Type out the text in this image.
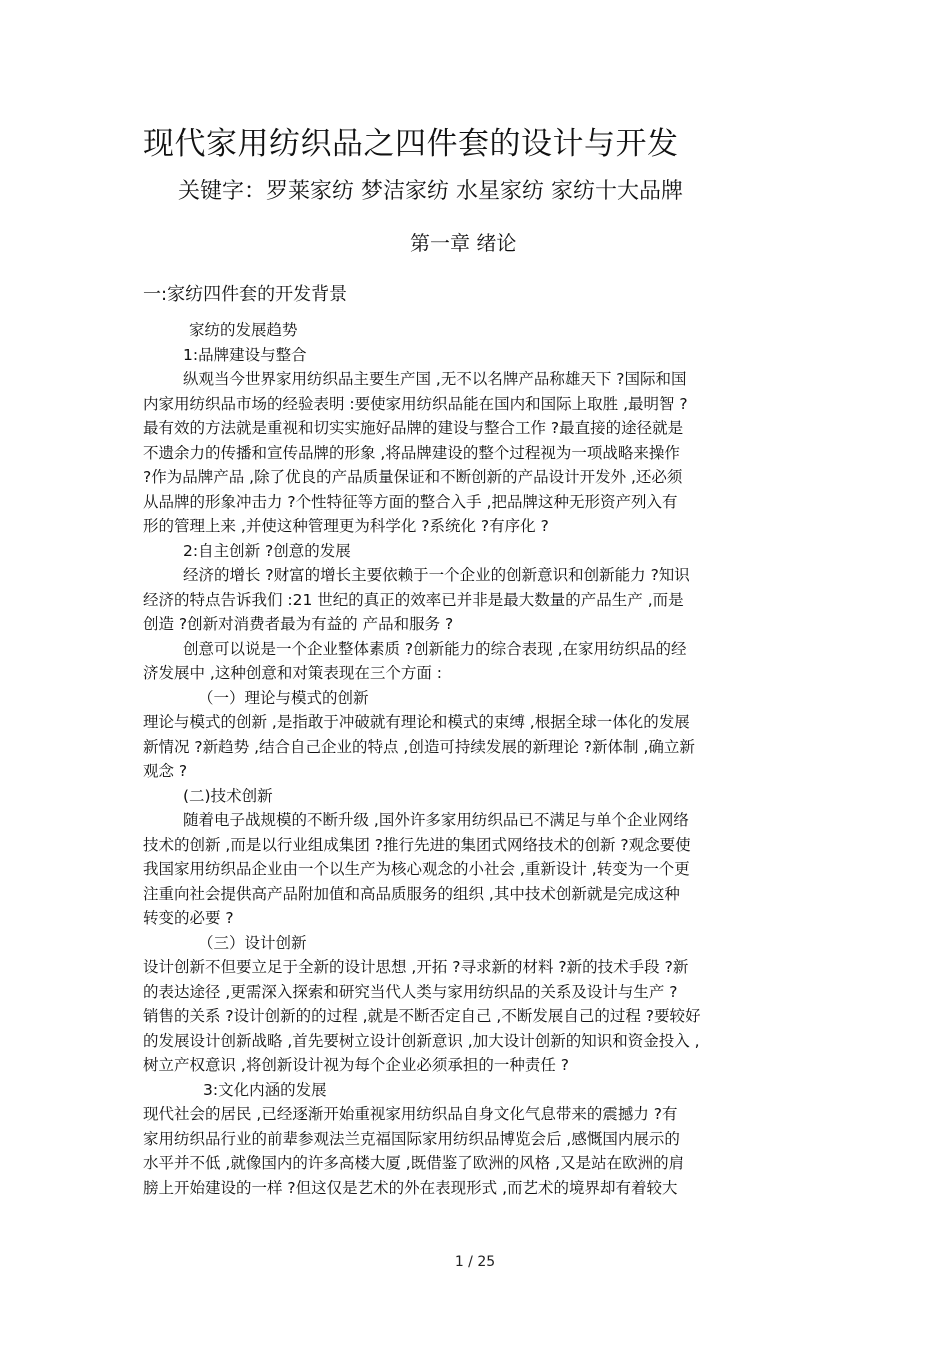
现代家用纺织品之四件套的设计与开发
关键字：罗莱家纺 梦洁家纺 水星家纺 家纺十大品牌
第一章 绪论
一:家纺四件套的开发背景
家纺的发展趋势
1:品牌建设与整合
纵观当今世界家用纺织品主要生产国 ,无不以名牌产品称雄天下 ?国际和国
内家用纺织品市场的经验表明 :要使家用纺织品能在国内和国际上取胜 ,最明智 ?
最有效的方法就是重视和切实实施好品牌的建设与整合工作 ?最直接的途径就是
不遗余力的传播和宣传品牌的形象 ,将品牌建设的整个过程视为一项战略来操作
?作为品牌产品 ,除了优良的产品质量保证和不断创新的产品设计开发外 ,还必须
从品牌的形象冲击力 ?个性特征等方面的整合入手 ,把品牌这种无形资产列入有
形的管理上来 ,并使这种管理更为科学化 ?系统化 ?有序化 ?
2:自主创新 ?创意的发展
经济的增长 ?财富的增长主要依赖于一个企业的创新意识和创新能力 ?知识
经济的特点告诉我们 :21 世纪的真正的效率已并非是最大数量的产品生产 ,而是
创造 ?创新对消费者最为有益的 产品和服务 ?
创意可以说是一个企业整体素质 ?创新能力的综合表现 ,在家用纺织品的经
济发展中 ,这种创意和对策表现在三个方面 :
（一）理论与模式的创新
理论与模式的创新 ,是指敢于冲破就有理论和模式的束缚 ,根据全球一体化的发展
新情况 ?新趋势 ,结合自己企业的特点 ,创造可持续发展的新理论 ?新体制 ,确立新
观念 ?
(二)技术创新
随着电子战规模的不断升级 ,国外许多家用纺织品已不满足与单个企业网络
技术的创新 ,而是以行业组成集团 ?推行先进的集团式网络技术的创新 ?观念要使
我国家用纺织品企业由一个以生产为核心观念的小社会 ,重新设计 ,转变为一个更
注重向社会提供高产品附加值和高品质服务的组织 ,其中技术创新就是完成这种
转变的必要 ?
（三）设计创新
设计创新不但要立足于全新的设计思想 ,开拓 ?寻求新的材料 ?新的技术手段 ?新
的表达途径 ,更需深入探索和研究当代人类与家用纺织品的关系及设计与生产 ?
销售的关系 ?设计创新的的过程 ,就是不断否定自己 ,不断发展自己的过程 ?要较好
的发展设计创新战略 ,首先要树立设计创新意识 ,加大设计创新的知识和资金投入 ,
树立产权意识 ,将创新设计视为每个企业必须承担的一种责任 ?
3:文化内涵的发展
现代社会的居民 ,已经逐渐开始重视家用纺织品自身文化气息带来的震撼力 ?有
家用纺织品行业的前辈参观法兰克福国际家用纺织品博览会后 ,感慨国内展示的
水平并不低 ,就像国内的许多高楼大厦 ,既借鉴了欧洲的风格 ,又是站在欧洲的肩
膀上开始建设的一样 ?但这仅是艺术的外在表现形式 ,而艺术的境界却有着较大
1 / 25
